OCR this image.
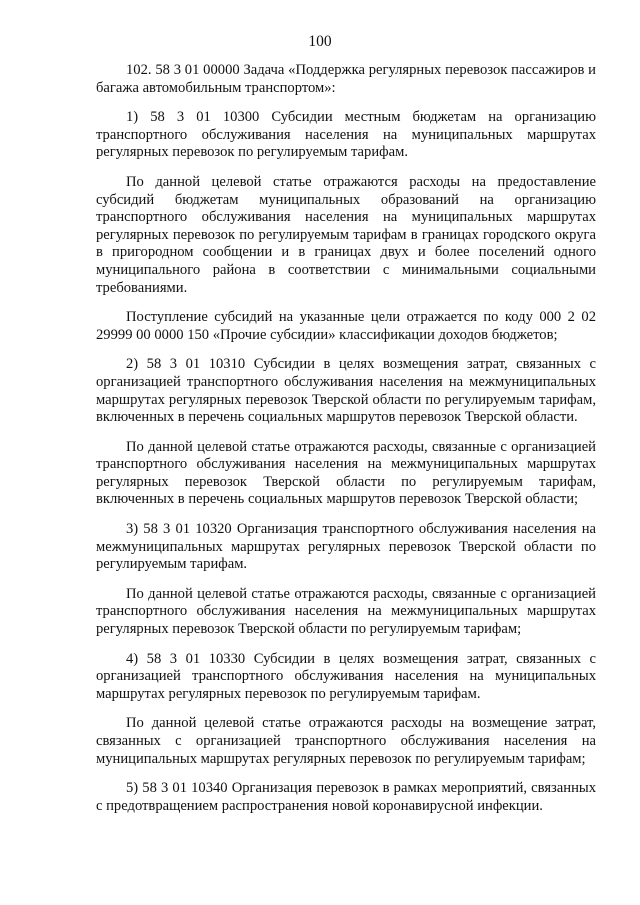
100

102. 58 3 01 00000 Задача «Поддержка регулярных перевозок пассажиров и багажа автомобильным транспортом»:

1) 58 3 01 10300 Субсидии местным бюджетам на организацию транспортного обслуживания населения на муниципальных маршрутах регулярных перевозок по регулируемым тарифам.

По данной целевой статье отражаются расходы на предоставление субсидий бюджетам муниципальных образований на организацию транспортного обслуживания населения на муниципальных маршрутах регулярных перевозок по регулируемым тарифам в границах городского округа в пригородном сообщении и в границах двух и более поселений одного муниципального района в соответствии с минимальными социальными требованиями.

Поступление субсидий на указанные цели отражается по коду 000 2 02 29999 00 0000 150 «Прочие субсидии» классификации доходов бюджетов;

2) 58 3 01 10310 Субсидии в целях возмещения затрат, связанных с организацией транспортного обслуживания населения на межмуниципальных маршрутах регулярных перевозок Тверской области по регулируемым тарифам, включенных в перечень социальных маршрутов перевозок Тверской области.

По данной целевой статье отражаются расходы, связанные с организацией транспортного обслуживания населения на межмуниципальных маршрутах регулярных перевозок Тверской области по регулируемым тарифам, включенных в перечень социальных маршрутов перевозок Тверской области;

3) 58 3 01 10320 Организация транспортного обслуживания населения на межмуниципальных маршрутах регулярных перевозок Тверской области по регулируемым тарифам.

По данной целевой статье отражаются расходы, связанные с организацией транспортного обслуживания населения на межмуниципальных маршрутах регулярных перевозок Тверской области по регулируемым тарифам;

4) 58 3 01 10330 Субсидии в целях возмещения затрат, связанных с организацией транспортного обслуживания населения на муниципальных маршрутах регулярных перевозок по регулируемым тарифам.

По данной целевой статье отражаются расходы на возмещение затрат, связанных с организацией транспортного обслуживания населения на муниципальных маршрутах регулярных перевозок по регулируемым тарифам;

5) 58 3 01 10340 Организация перевозок в рамках мероприятий, связанных с предотвращением распространения новой коронавирусной инфекции.
